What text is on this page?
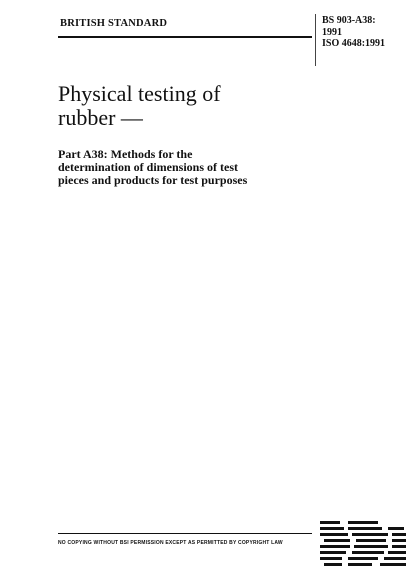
BRITISH STANDARD	BS 903-A38:
1991
ISO 4648:1991
Physical testing of
rubber —
Part A38: Methods for the
determination of dimensions of test
pieces and products for test purposes
NO COPYING WITHOUT BSI PERMISSION EXCEPT AS PERMITTED BY COPYRIGHT LAW
